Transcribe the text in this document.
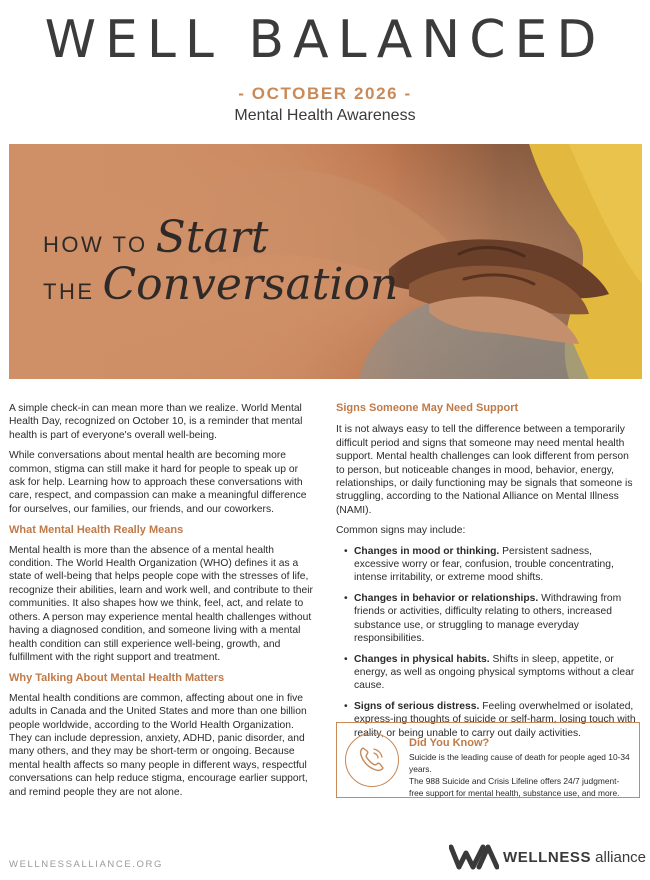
WELL BALANCED
- OCTOBER 2026 -
Mental Health Awareness
HOW TO Start
THE Conversation

A simple check-in can mean more than we realize. World Mental Health Day, recognized on October 10, is a reminder that mental health is part of everyone's overall well-being.

While conversations about mental health are becoming more common, stigma can still make it hard for people to speak up or ask for help. Learning how to approach these conversations with care, respect, and compassion can make a meaningful difference for ourselves, our families, our friends, and our coworkers.

What Mental Health Really Means

Mental health is more than the absence of a mental health condition. The World Health Organization (WHO) defines it as a state of well-being that helps people cope with the stresses of life, recognize their abilities, learn and work well, and contribute to their communities. It also shapes how we think, feel, act, and relate to others. A person may experience mental health challenges without having a diagnosed condition, and someone living with a mental health condition can still experience well-being, growth, and fulfillment with the right support and treatment.

Why Talking About Mental Health Matters

Mental health conditions are common, affecting about one in five adults in Canada and the United States and more than one billion people worldwide, according to the World Health Organization. They can include depression, anxiety, ADHD, panic disorder, and many others, and they may be short-term or ongoing. Because mental health affects so many people in different ways, respectful conversations can help reduce stigma, encourage earlier support, and remind people they are not alone.

Signs Someone May Need Support

It is not always easy to tell the difference between a temporarily difficult period and signs that someone may need mental health support. Mental health challenges can look different from person to person, but noticeable changes in mood, behavior, energy, relationships, or daily functioning may be signals that someone is struggling, according to the National Alliance on Mental Illness (NAMI).

Common signs may include:

• Changes in mood or thinking. Persistent sadness, excessive worry or fear, confusion, trouble concentrating, intense irritability, or extreme mood shifts.
• Changes in behavior or relationships. Withdrawing from friends or activities, difficulty relating to others, increased substance use, or struggling to manage everyday responsibilities.
• Changes in physical habits. Shifts in sleep, appetite, or energy, as well as ongoing physical symptoms without a clear cause.
• Signs of serious distress. Feeling overwhelmed or isolated, express-ing thoughts of suicide or self-harm, losing touch with reality, or being unable to carry out daily activities.
Did You Know?
Suicide is the leading cause of death for people aged 10-34 years.
The 988 Suicide and Crisis Lifeline offers 24/7 judgment-free support for mental health, substance use, and more.
WELLNESSALLIANCE.ORG	WELLNESS alliance
